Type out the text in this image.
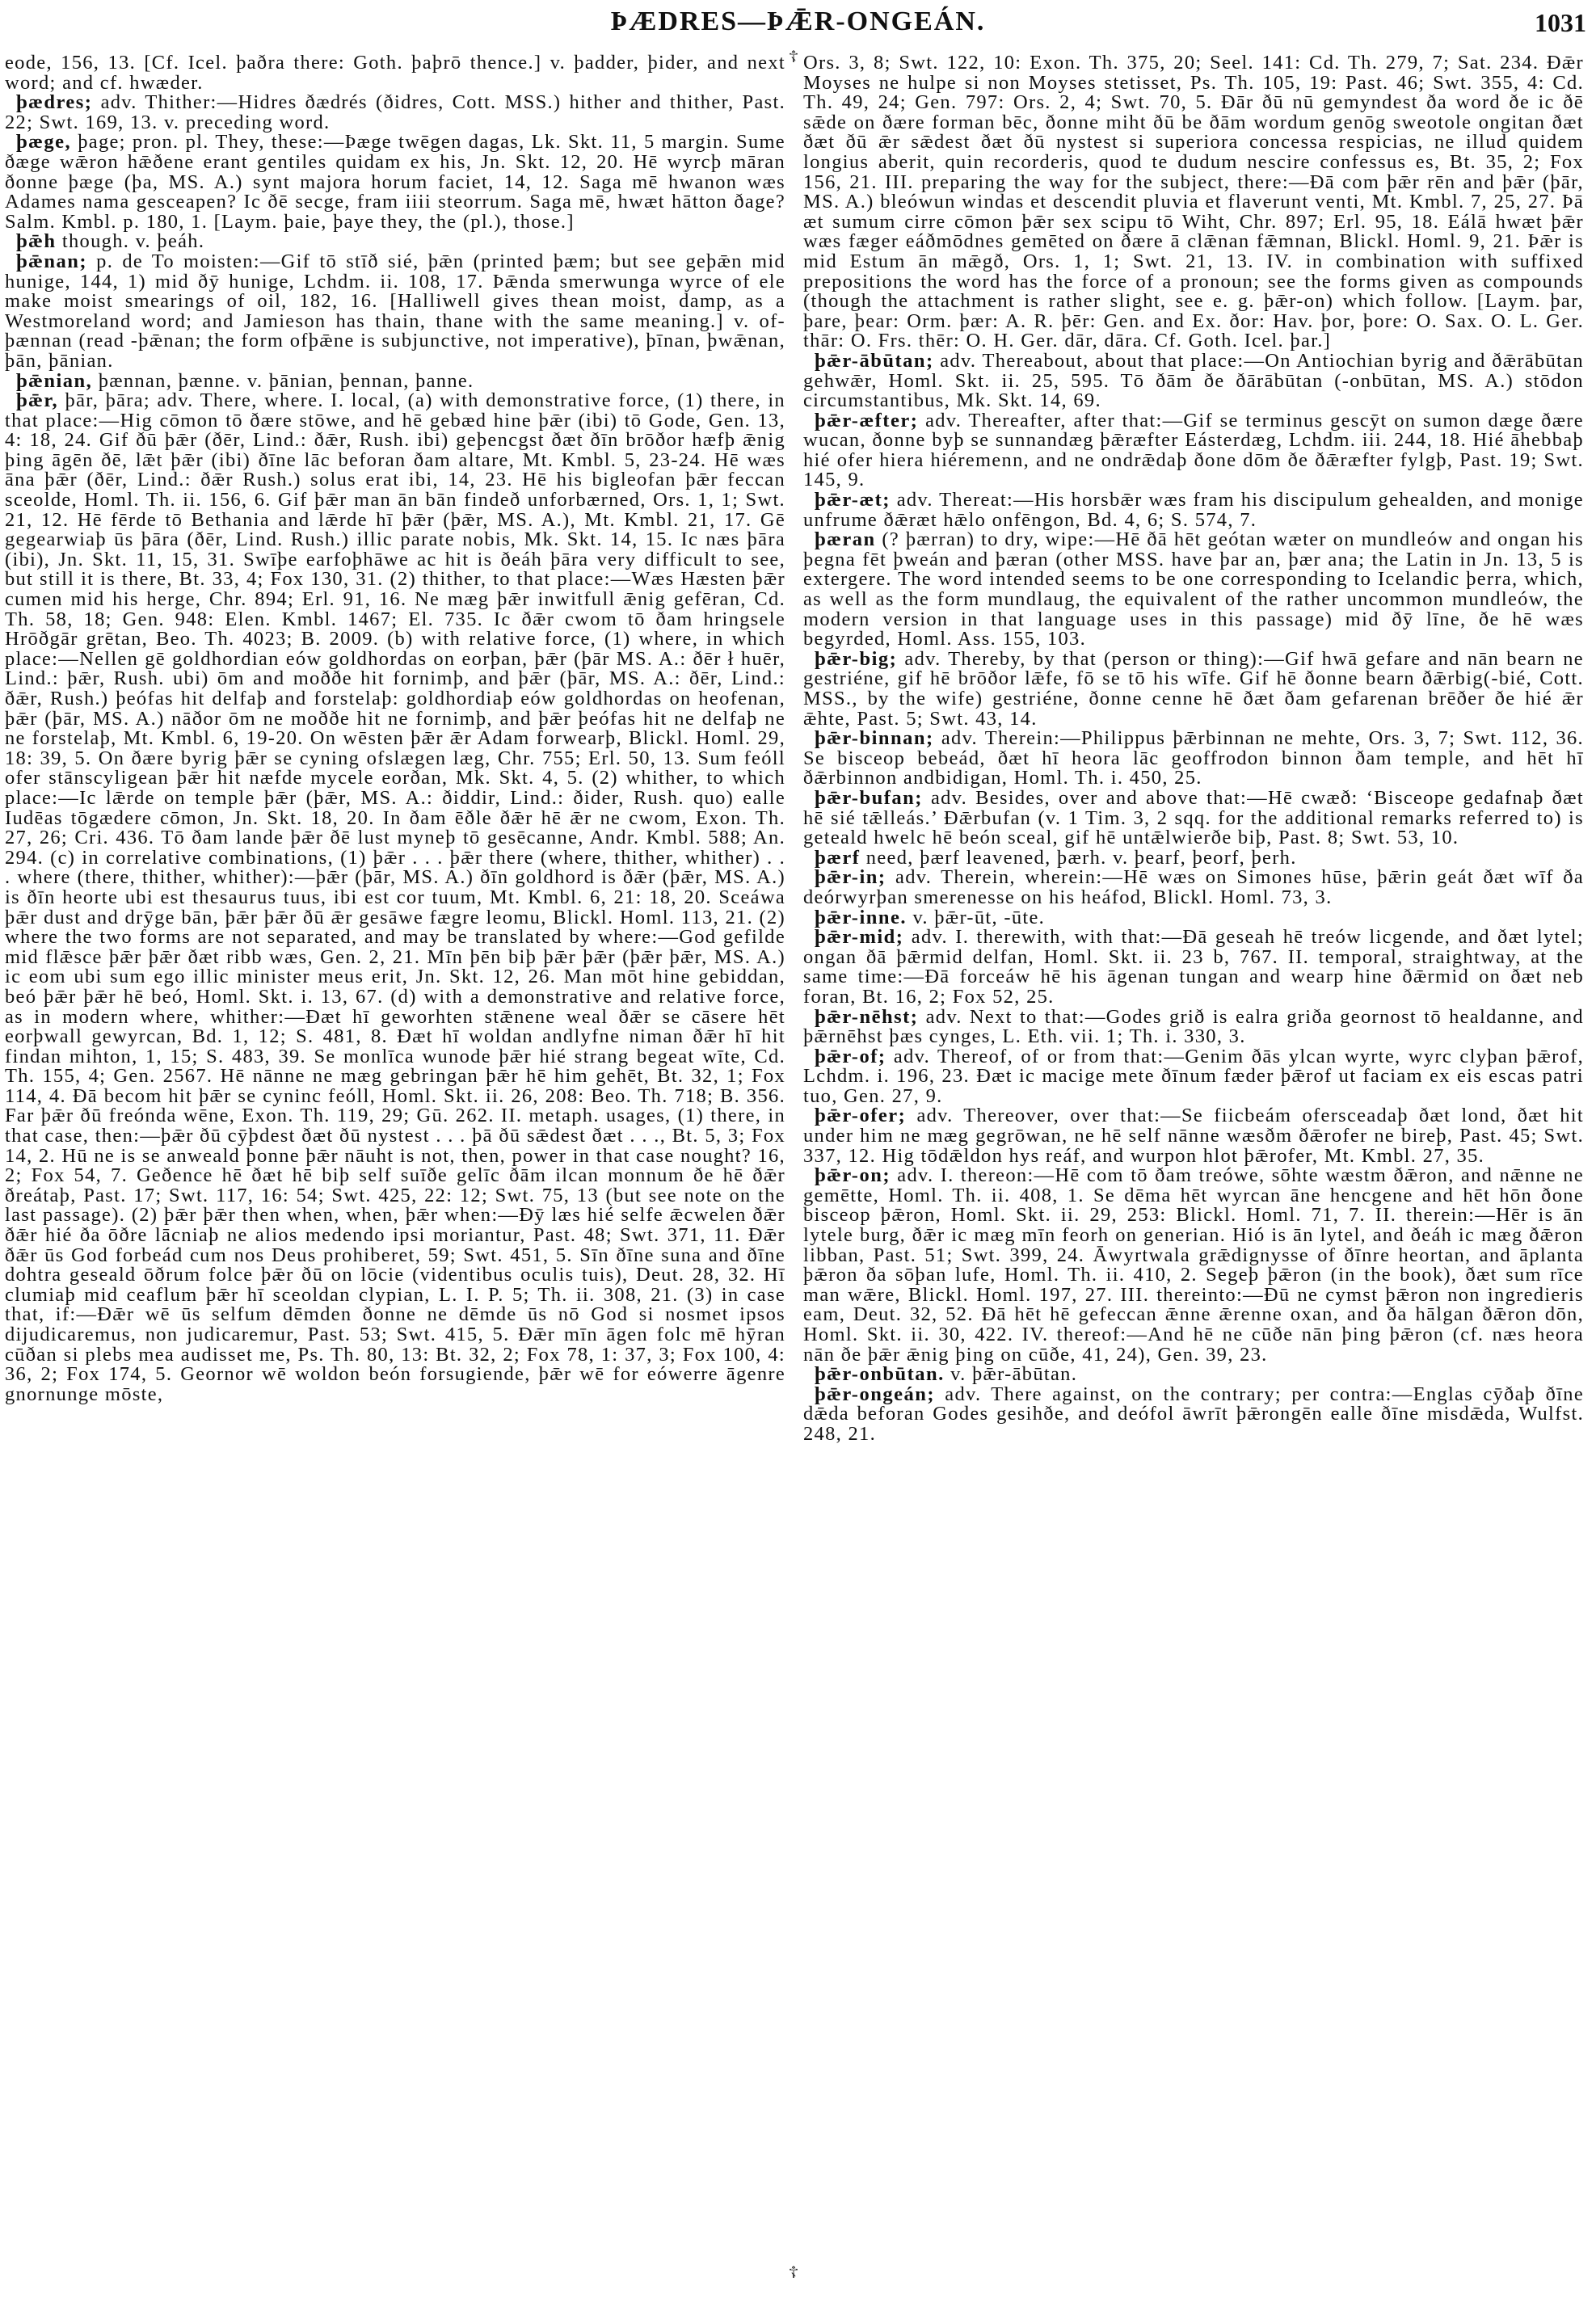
ÞÆDRES—ÞǢR-ONGEÁN.	1031
☦
☦

eode, 156, 13. [Cf. Icel. þaðra there: Goth. þaþrō thence.] v. þadder, þider, and next word; and cf. hwæder.

þædres; adv. Thither:—Hidres ðædrés (ðidres, Cott. MSS.) hither and thither, Past. 22; Swt. 169, 13. v. preceding word.

þæge, þage; pron. pl. They, these:—Þæge twēgen dagas, Lk. Skt. 11, 5 margin. Sume ðæge wǣron hǣðene erant gentiles quidam ex his, Jn. Skt. 12, 20. Hē wyrcþ māran ðonne þæge (þa, MS. A.) synt majora horum faciet, 14, 12. Saga mē hwanon wæs Adames nama gesceapen? Ic ðē secge, fram iiii steorrum. Saga mē, hwæt hātton ðage? Salm. Kmbl. p. 180, 1. [Laym. þaie, þaye they, the (pl.), those.]

þǣh though. v. þeáh.

þǣnan; p. de To moisten:—Gif tō stīð sié, þǣn (printed þæm; but see geþǣn mid hunige, 144, 1) mid ðȳ hunige, Lchdm. ii. 108, 17. Þǣnda smerwunga wyrce of ele make moist smearings of oil, 182, 16. [Halliwell gives thean moist, damp, as a Westmoreland word; and Jamieson has thain, thane with the same meaning.] v. of-þænnan (read -þǣnan; the form ofþǣne is subjunctive, not imperative), þīnan, þwǣnan, þān, þānian.

þǣnian, þænnan, þænne. v. þānian, þennan, þanne.

þǣr, þār, þāra; adv. There, where. I. local, (a) with demonstrative force, (1) there, in that place:—Hig cōmon tō ðære stōwe, and hē gebæd hine þǣr (ibi) tō Gode, Gen. 13, 4: 18, 24. Gif ðū þǣr (ðēr, Lind.: ðǣr, Rush. ibi) geþencgst ðæt ðīn brōðor hæfþ ǣnig þing āgēn ðē, lǣt þǣr (ibi) ðīne lāc beforan ðam altare, Mt. Kmbl. 5, 23-24. Hē wæs āna þǣr (ðēr, Lind.: ðǣr Rush.) solus erat ibi, 14, 23. Hē his bigleofan þǣr feccan sceolde, Homl. Th. ii. 156, 6. Gif þǣr man ān bān findeð unforbærned, Ors. 1, 1; Swt. 21, 12. Hē fērde tō Bethania and lǣrde hī þǣr (þǣr, MS. A.), Mt. Kmbl. 21, 17. Gē gegearwiaþ ūs þāra (ðēr, Lind. Rush.) illic parate nobis, Mk. Skt. 14, 15. Ic næs þāra (ibi), Jn. Skt. 11, 15, 31. Swīþe earfoþhāwe ac hit is ðeáh þāra very difficult to see, but still it is there, Bt. 33, 4; Fox 130, 31. (2) thither, to that place:—Wæs Hæsten þǣr cumen mid his herge, Chr. 894; Erl. 91, 16. Ne mæg þǣr inwitfull ǣnig gefēran, Cd. Th. 58, 18; Gen. 948: Elen. Kmbl. 1467; El. 735. Ic ðǣr cwom tō ðam hringsele Hrōðgār grētan, Beo. Th. 4023; B. 2009. (b) with relative force, (1) where, in which place:—Nellen gē goldhordian eów goldhordas on eorþan, þǣr (þār MS. A.: ðēr ł huēr, Lind.: þǣr, Rush. ubi) ōm and moððe hit fornimþ, and þǣr (þār, MS. A.: ðēr, Lind.: ðǣr, Rush.) þeófas hit delfaþ and forstelaþ: goldhordiaþ eów goldhordas on heofenan, þǣr (þār, MS. A.) nāðor ōm ne moððe hit ne fornimþ, and þǣr þeófas hit ne delfaþ ne ne forstelaþ, Mt. Kmbl. 6, 19-20. On wēsten þǣr ǣr Adam forwearþ, Blickl. Homl. 29, 18: 39, 5. On ðære byrig þǣr se cyning ofslægen læg, Chr. 755; Erl. 50, 13. Sum feóll ofer stānscyligean þǣr hit næfde mycele eorðan, Mk. Skt. 4, 5. (2) whither, to which place:—Ic lǣrde on temple þǣr (þǣr, MS. A.: ðiddir, Lind.: ðider, Rush. quo) ealle Iudēas tōgædere cōmon, Jn. Skt. 18, 20. In ðam ēðle ðǣr hē ǣr ne cwom, Exon. Th. 27, 26; Cri. 436. Tō ðam lande þǣr ðē lust myneþ tō gesēcanne, Andr. Kmbl. 588; An. 294. (c) in correlative combinations, (1) þǣr . . . þǣr there (where, thither, whither) . . . where (there, thither, whither):—þǣr (þār, MS. A.) ðīn goldhord is ðǣr (þǣr, MS. A.) is ðīn heorte ubi est thesaurus tuus, ibi est cor tuum, Mt. Kmbl. 6, 21: 18, 20. Sceáwa þǣr dust and drȳge bān, þǣr þǣr ðū ǣr gesāwe fægre leomu, Blickl. Homl. 113, 21. (2) where the two forms are not separated, and may be translated by where:—God gefilde mid flǣsce þǣr þǣr ðæt ribb wæs, Gen. 2, 21. Mīn þēn biþ þǣr þǣr (þǣr þǣr, MS. A.) ic eom ubi sum ego illic minister meus erit, Jn. Skt. 12, 26. Man mōt hine gebiddan, beó þǣr þǣr hē beó, Homl. Skt. i. 13, 67. (d) with a demonstrative and relative force, as in modern where, whither:—Ðæt hī geworhten stǣnene weal ðǣr se cāsere hēt eorþwall gewyrcan, Bd. 1, 12; S. 481, 8. Ðæt hī woldan andlyfne niman ðǣr hī hit findan mihton, 1, 15; S. 483, 39. Se monlīca wunode þǣr hié strang begeat wīte, Cd. Th. 155, 4; Gen. 2567. Hē nānne ne mæg gebringan þǣr hē him gehēt, Bt. 32, 1; Fox 114, 4. Ðā becom hit þǣr se cyninc feóll, Homl. Skt. ii. 26, 208: Beo. Th. 718; B. 356. Far þǣr ðū freónda wēne, Exon. Th. 119, 29; Gū. 262. II. metaph. usages, (1) there, in that case, then:—þǣr ðū cȳþdest ðæt ðū nystest . . . þā ðū sǣdest ðæt . . ., Bt. 5, 3; Fox 14, 2. Hū ne is se anweald þonne þǣr nāuht is not, then, power in that case nought? 16, 2; Fox 54, 7. Geðence hē ðæt hē biþ self suīðe gelīc ðām ilcan monnum ðe hē ðǣr ðreátaþ, Past. 17; Swt. 117, 16: 54; Swt. 425, 22: 12; Swt. 75, 13 (but see note on the last passage). (2) þǣr þǣr then when, when, þǣr when:—Ðȳ læs hié selfe ǣcwelen ðǣr ðǣr hié ða ōðre lācniaþ ne alios medendo ipsi moriantur, Past. 48; Swt. 371, 11. Ðǣr ðǣr ūs God forbeád cum nos Deus prohiberet, 59; Swt. 451, 5. Sīn ðīne suna and ðīne dohtra geseald ōðrum folce þǣr ðū on lōcie (videntibus oculis tuis), Deut. 28, 32. Hī clumiaþ mid ceaflum þǣr hī sceoldan clypian, L. I. P. 5; Th. ii. 308, 21. (3) in case that, if:—Ðǣr wē ūs selfum dēmden ðonne ne dēmde ūs nō God si nosmet ipsos dijudicaremus, non judicaremur, Past. 53; Swt. 415, 5. Ðǣr mīn āgen folc mē hȳran cūðan si plebs mea audisset me, Ps. Th. 80, 13: Bt. 32, 2; Fox 78, 1: 37, 3; Fox 100, 4: 36, 2; Fox 174, 5. Geornor wē woldon beón forsugiende, þǣr wē for eówerre āgenre gnornunge mōste,

Ors. 3, 8; Swt. 122, 10: Exon. Th. 375, 20; Seel. 141: Cd. Th. 279, 7; Sat. 234. Ðǣr Moyses ne hulpe si non Moyses stetisset, Ps. Th. 105, 19: Past. 46; Swt. 355, 4: Cd. Th. 49, 24; Gen. 797: Ors. 2, 4; Swt. 70, 5. Ðār ðū nū gemyndest ða word ðe ic ðē sǣde on ðære forman bēc, ðonne miht ðū be ðām wordum genōg sweotole ongitan ðæt ðæt ðū ǣr sǣdest ðæt ðū nystest si superiora concessa respicias, ne illud quidem longius aberit, quin recorderis, quod te dudum nescire confessus es, Bt. 35, 2; Fox 156, 21. III. preparing the way for the subject, there:—Ðā com þǣr rēn and þǣr (þār, MS. A.) bleówun windas et descendit pluvia et flaverunt venti, Mt. Kmbl. 7, 25, 27. Þā æt sumum cirre cōmon þǣr sex scipu tō Wiht, Chr. 897; Erl. 95, 18. Eálā hwæt þǣr wæs fæger eáðmōdnes gemēted on ðære ā clǣnan fǣmnan, Blickl. Homl. 9, 21. Þǣr is mid Estum ān mǣgð, Ors. 1, 1; Swt. 21, 13. IV. in combination with suffixed prepositions the word has the force of a pronoun; see the forms given as compounds (though the attachment is rather slight, see e. g. þǣr-on) which follow. [Laym. þar, þare, þear: Orm. þær: A. R. þēr: Gen. and Ex. ðor: Hav. þor, þore: O. Sax. O. L. Ger. thār: O. Frs. thēr: O. H. Ger. dār, dāra. Cf. Goth. Icel. þar.]

þǣr-ābūtan; adv. Thereabout, about that place:—On Antiochian byrig and ðǣrābūtan gehwǣr, Homl. Skt. ii. 25, 595. Tō ðām ðe ðārābūtan (-onbūtan, MS. A.) stōdon circumstantibus, Mk. Skt. 14, 69.

þǣr-æfter; adv. Thereafter, after that:—Gif se terminus gescȳt on sumon dæge ðære wucan, ðonne byþ se sunnandæg þǣræfter Eásterdæg, Lchdm. iii. 244, 18. Hié āhebbaþ hié ofer hiera hiéremenn, and ne ondrǣdaþ ðone dōm ðe ðǣræfter fylgþ, Past. 19; Swt. 145, 9.

þǣr-æt; adv. Thereat:—His horsbǣr wæs fram his discipulum gehealden, and monige unfrume ðǣræt hǣlo onfēngon, Bd. 4, 6; S. 574, 7.

þæran (? þærran) to dry, wipe:—Hē ðā hēt geótan wæter on mundleów and ongan his þegna fēt þweán and þæran (other MSS. have þar an, þær ana; the Latin in Jn. 13, 5 is extergere. The word intended seems to be one corresponding to Icelandic þerra, which, as well as the form mundlaug, the equivalent of the rather uncommon mundleów, the modern version in that language uses in this passage) mid ðȳ līne, ðe hē wæs begyrded, Homl. Ass. 155, 103.

þǣr-big; adv. Thereby, by that (person or thing):—Gif hwā gefare and nān bearn ne gestriéne, gif hē brōðor lǣfe, fō se tō his wīfe. Gif hē ðonne bearn ðǣrbig(-bié, Cott. MSS., by the wife) gestriéne, ðonne cenne hē ðæt ðam gefarenan brēðer ðe hié ǣr ǣhte, Past. 5; Swt. 43, 14.

þǣr-binnan; adv. Therein:—Philippus þǣrbinnan ne mehte, Ors. 3, 7; Swt. 112, 36. Se bisceop bebeád, ðæt hī heora lāc geoffrodon binnon ðam temple, and hēt hī ðǣrbinnon andbidigan, Homl. Th. i. 450, 25.

þǣr-bufan; adv. Besides, over and above that:—Hē cwæð: ‘Bisceope gedafnaþ ðæt hē sié tǣlleás.’ Ðǣrbufan (v. 1 Tim. 3, 2 sqq. for the additional remarks referred to) is geteald hwelc hē beón sceal, gif hē untǣlwierðe biþ, Past. 8; Swt. 53, 10.

þærf need, þærf leavened, þærh. v. þearf, þeorf, þerh.

þǣr-in; adv. Therein, wherein:—Hē wæs on Simones hūse, þǣrin geát ðæt wīf ða deórwyrþan smerenesse on his heáfod, Blickl. Homl. 73, 3.

þǣr-inne. v. þǣr-ūt, -ūte.

þǣr-mid; adv. I. therewith, with that:—Ðā geseah hē treów licgende, and ðæt lytel; ongan ðā þǣrmid delfan, Homl. Skt. ii. 23 b, 767. II. temporal, straightway, at the same time:—Ðā forceáw hē his āgenan tungan and wearp hine ðǣrmid on ðæt neb foran, Bt. 16, 2; Fox 52, 25.

þǣr-nēhst; adv. Next to that:—Godes grið is ealra griða geornost tō healdanne, and þǣrnēhst þæs cynges, L. Eth. vii. 1; Th. i. 330, 3.

þǣr-of; adv. Thereof, of or from that:—Genim ðās ylcan wyrte, wyrc clyþan þǣrof, Lchdm. i. 196, 23. Ðæt ic macige mete ðīnum fæder þǣrof ut faciam ex eis escas patri tuo, Gen. 27, 9.

þǣr-ofer; adv. Thereover, over that:—Se fiicbeám ofersceadaþ ðæt lond, ðæt hit under him ne mæg gegrōwan, ne hē self nānne wæsðm ðǣrofer ne bireþ, Past. 45; Swt. 337, 12. Hig tōdǣldon hys reáf, and wurpon hlot þǣrofer, Mt. Kmbl. 27, 35.

þǣr-on; adv. I. thereon:—Hē com tō ðam treówe, sōhte wæstm ðǣron, and nǣnne ne gemētte, Homl. Th. ii. 408, 1. Se dēma hēt wyrcan āne hencgene and hēt hōn ðone bisceop þǣron, Homl. Skt. ii. 29, 253: Blickl. Homl. 71, 7. II. therein:—Hēr is ān lytele burg, ðǣr ic mæg mīn feorh on generian. Hió is ān lytel, and ðeáh ic mæg ðǣron libban, Past. 51; Swt. 399, 24. Āwyrtwala grǣdignysse of ðīnre heortan, and āplanta þǣron ða sōþan lufe, Homl. Th. ii. 410, 2. Segeþ þǣron (in the book), ðæt sum rīce man wǣre, Blickl. Homl. 197, 27. III. thereinto:—Ðū ne cymst þǣron non ingredieris eam, Deut. 32, 52. Ðā hēt hē gefeccan ǣnne ǣrenne oxan, and ða hālgan ðǣron dōn, Homl. Skt. ii. 30, 422. IV. thereof:—And hē ne cūðe nān þing þǣron (cf. næs heora nān ðe þǣr ǣnig þing on cūðe, 41, 24), Gen. 39, 23.

þǣr-onbūtan. v. þǣr-ābūtan.

þǣr-ongeán; adv. There against, on the contrary; per contra:—Englas cȳðaþ ðīne dǣda beforan Godes gesihðe, and deófol āwrīt þǣrongēn ealle ðīne misdǣda, Wulfst. 248, 21.
